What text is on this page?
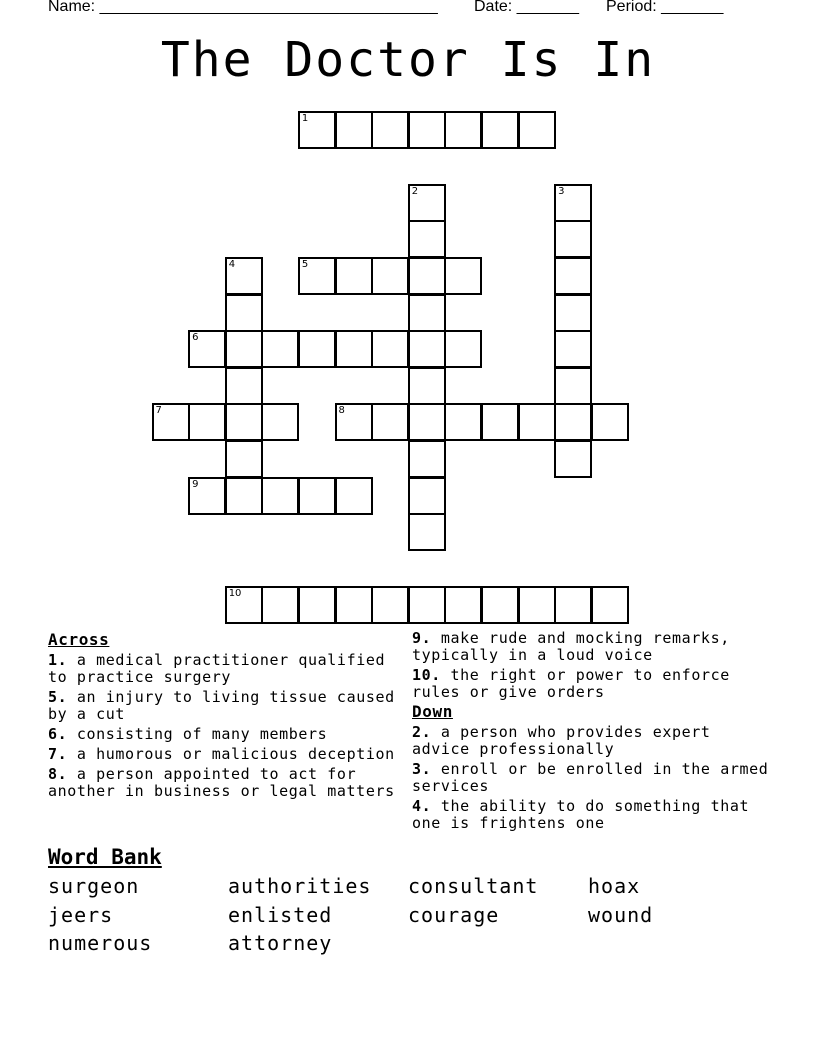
Name: ______________________________________ Date: _______ Period: _______
The Doctor Is In
1
2	3
4	5
6
7	8
9
10
Across
1. a medical practitioner qualified to practice surgery
5. an injury to living tissue caused by a cut
6. consisting of many members
7. a humorous or malicious deception
8. a person appointed to act for another in business or legal matters
9. make rude and mocking remarks, typically in a loud voice
10. the right or power to enforce rules or give orders
Down
2. a person who provides expert advice professionally
3. enroll or be enrolled in the armed services
4. the ability to do something that one is frightens one
Word Bank
surgeon	authorities consultant hoax
jeers	enlisted	courage	wound
numerous	attorney
